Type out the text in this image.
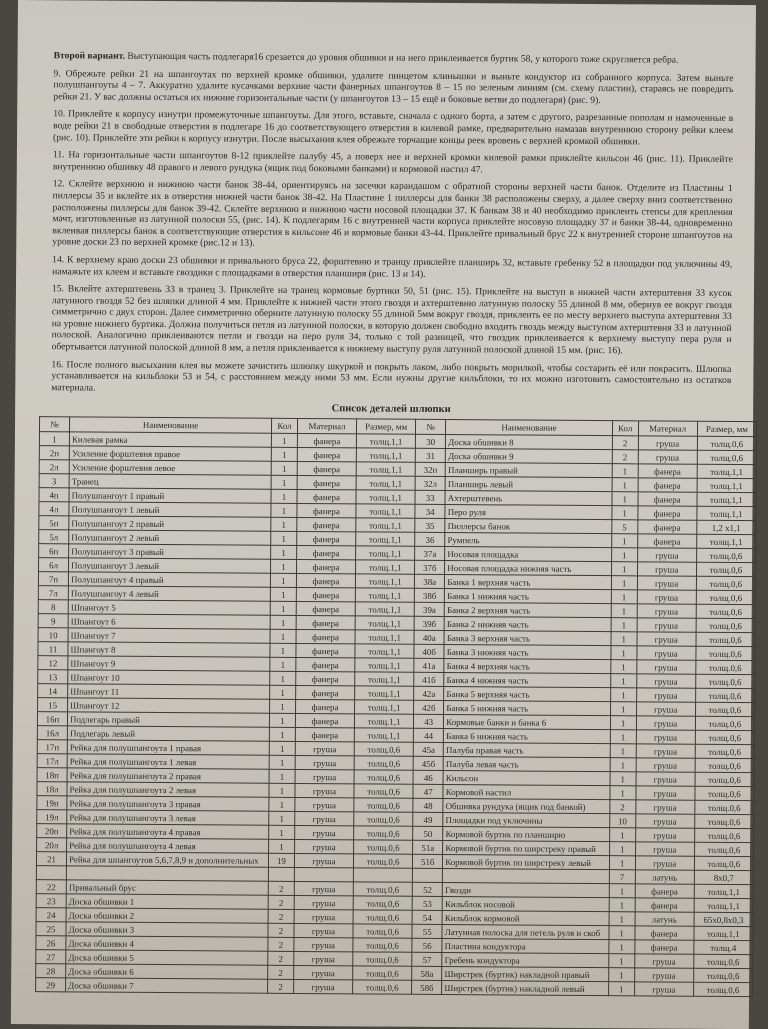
Второй вариант. Выступающая часть подлегаря16 срезается до уровня обшивки и на него приклеивается буртик 58, у которого тоже скругляется ребра.

9. Обрежьте рейки 21 на шпангоутах по верхней кромке обшивки, удалите пинцетом клинышки и выньте кондуктор из собранного корпуса. Затем выньте полушпангоуты 4 – 7. Аккуратно удалите кусачками верхние части фанерных шпангоутов 8 – 15 по зеленым линиям (см. схему пластин), стараясь не повредить рейки 21. У вас должны остаться их нижние горизонтальные части (у шпангоутов 13 – 15 ещё и боковые ветви до подлегаря) (рис. 9).

10. Приклейте к корпусу изнутри промежуточные шпангоуты. Для этого, вставьте, сначала с одного борта, а затем с другого, разрезанные пополам и намоченные в воде рейки 21 в свободные отверстия в подлегаре 16 до соответствующего отверстия в килевой рамке, предварительно намазав внутреннюю сторону рейки клеем (рис. 10). Приклейте эти рейки к корпусу изнутри. После высыхания клея обрежьте торчащие концы реек вровень с верхней кромкой обшивки.

11. На горизонтальные части шпангоутов 8-12 приклейте палубу 45, а поверх нее и верхней кромки килевой рамки приклейте кильсон 46 (рис. 11). Приклейте внутреннюю обшивку 48 правого и левого рундука (ящик под боковыми банками) и кормовой настил 47.

12. Склейте верхнюю и нижнюю части банок 38-44, ориентируясь на засечки карандашом с обратной стороны верхней части банок. Отделите из Пластины 1 пиллерсы 35 и вклейте их в отверстия нижней части банок 38-42. На Пластине 1 пиллерсы для банки 38 расположены сверху, а далее сверху вниз соответственно расположены пиллерсы для банок 39-42. Склейте верхнюю и нижнюю части носовой площадки 37. К банкам 38 и 40 необходимо приклеить степсы для крепления мачт, изготовленные из латунной полоски 55, (рис. 14). К подлегарям 16 с внутренней части корпуса приклейте носовую площадку 37 и банки 38-44, одновременно вклеивая пиллерсы банок в соответствующие отверстия в кильсоне 46 и кормовые банки 43-44. Приклейте привальный брус 22 к внутренней стороне шпангоутов на уровне доски 23 по верхней кромке (рис.12 и 13).

14. К верхнему краю доски 23 обшивки и привального бруса 22, форштевню и транцу приклейте планширь 32, вставьте гребенку 52 в площадки под уключины 49, намажьте их клеем и вставьте гвоздики с площадками в отверстия планширя (рис. 13 и 14).

15. Вклейте ахтерштевень 33 в транец 3. Приклейте на транец кормовые буртики 50, 51 (рис. 15). Приклейте на выступ в нижней части ахтерштевня 33 кусок латунного гвоздя 52 без шляпки длиной 4 мм. Приклейте к нижней части этого гвоздя и ахтерштевню латунную полоску 55 длиной 8 мм, обернув ее вокруг гвоздя симметрично с двух сторон. Далее симметрично оберните латунную полоску 55 длиной 5мм вокруг гвоздя, приклеить ее по месту верхнего выступа ахтерштевня 33 на уровне нижнего буртика. Должна получиться петля из латунной полоски, в которую должен свободно входить гвоздь между выступом ахтерштевня 33 и латунной полоской. Аналогично приклеиваются петли и гвозди на перо руля 34, только с той разницей, что гвоздик приклеивается к верхнему выступу пера руля и обертывается латунной полоской длиной 8 мм, а петля приклеивается к нижнему выступу руля латунной полоской длиной 15 мм. (рис. 16).

16. После полного высыхания клея вы можете зачистить шлюпку шкуркой и покрыть лаком, либо покрыть морилкой, чтобы состарить её или покрасить. Шлюпка устанавливается на кильблоки 53 и 54, с расстоянием между ними 53 мм. Если нужны другие кильблоки, то их можно изготовить самостоятельно из остатков материала.

Список деталей шлюпки
№	Наименование	Кол	Материал	Размер, мм	№	Наименование	Кол	Материал	Размер, мм
1	Килевая рамка	1	фанера	толщ.1,1	30	Доска обшивки 8	2	груша	толщ.0,6
2п	Усиление форштевня правое	1	фанера	толщ.1,1	31	Доска обшивки 9	2	груша	толщ.0,6
2л	Усиление форштевня левое	1	фанера	толщ.1,1	32п	Планширь правый	1	фанера	толщ.1,1
3	Транец	1	фанера	толщ.1,1	32л	Планширь левый	1	фанера	толщ.1,1
4п	Полушпангоут 1 правый	1	фанера	толщ.1,1	33	Ахтерштевень	1	фанера	толщ.1,1
4л	Полушпангоут 1 левый	1	фанера	толщ.1,1	34	Перо руля	1	фанера	толщ.1,1
5п	Полушпангоут 2 правый	1	фанера	толщ.1,1	35	Пиллерсы банок	5	фанера	1,2 x1,1
5л	Полушпангоут 2 левый	1	фанера	толщ.1,1	36	Румпель	1	фанера	толщ.1,1
6п	Полушпангоут 3 правый	1	фанера	толщ.1,1	37а	Носовая площадка	1	груша	толщ.0,6
6л	Полушпангоут 3 левый	1	фанера	толщ.1,1	37б	Носовая площадка нижняя часть	1	груша	толщ.0,6
7п	Полушпангоут 4 правый	1	фанера	толщ.1,1	38а	Банка 1 верхняя часть	1	груша	толщ.0,6
7л	Полушпангоут 4 левый	1	фанера	толщ.1,1	38б	Банка 1 нижняя часть	1	груша	толщ.0,6
8	Шпангоут 5	1	фанера	толщ.1,1	39а	Банка 2 верхняя часть	1	груша	толщ.0,6
9	Шпангоут 6	1	фанера	толщ.1,1	39б	Банка 2 нижняя часть	1	груша	толщ.0,6
10	Шпангоут 7	1	фанера	толщ.1,1	40а	Банка 3 верхняя часть	1	груша	толщ.0,6
11	Шпангоут 8	1	фанера	толщ.1,1	40б	Банка 3 нижняя часть	1	груша	толщ.0,6
12	Шпангоут 9	1	фанера	толщ.1,1	41а	Банка 4 верхняя часть	1	груша	толщ.0,6
13	Шпангоут 10	1	фанера	толщ.1,1	41б	Банка 4 нижняя часть	1	груша	толщ.0,6
14	Шпангоут 11	1	фанера	толщ.1,1	42а	Банка 5 верхняя часть	1	груша	толщ.0,6
15	Шпангоут 12	1	фанера	толщ.1,1	42б	Банка 5 нижняя часть	1	груша	толщ.0,6
16п	Подлегарь правый	1	фанера	толщ.1,1	43	Кормовые банки и банка 6	1	груша	толщ.0,6
16л	Подлегарь левый	1	фанера	толщ.1,1	44	Банка 6 нижняя часть	1	груша	толщ.0,6
17п	Рейка для полушпангоута 1 правая	1	груша	толщ.0,6	45а	Палуба правая часть	1	груша	толщ.0,6
17л	Рейка для полушпангоута 1 левая	1	груша	толщ.0,6	45б	Палуба левая часть	1	груша	толщ.0,6
18п	Рейка для полушпангоута 2 правая	1	груша	толщ.0,6	46	Кильсон	1	груша	толщ.0,6
18л	Рейка для полушпангоута 2 левая	1	груша	толщ.0,6	47	Кормовой настил	1	груша	толщ.0,6
19п	Рейка для полушпангоута 3 правая	1	груша	толщ.0,6	48	Обшивка рундука (ящик под банкой)	2	груша	толщ.0,6
19л	Рейка для полушпангоута 3 левая	1	груша	толщ.0,6	49	Площадки под уключины	10	груша	толщ.0,6
20п	Рейка для полушпангоута 4 правая	1	груша	толщ.0,6	50	Кормовой буртик по планширю	1	груша	толщ.0,6
20л	Рейка для полушпангоута 4 левая	1	груша	толщ.0,6	51а	Кормовой буртик по ширстреку правый	1	груша	толщ.0,6
21	Рейка для шпангоутов 5,6,7,8,9 и дополнительных	19	груша	толщ.0,6	51б	Кормовой буртик по ширстреку левый	1	груша	толщ.0,6
							7	латунь	8x0,7
22	Привальный брус	2	груша	толщ.0,6	52	Гвозди	1	фанера	толщ.1,1
23	Доска обшивки 1	2	груша	толщ.0,6	53	Кильблок носовой	1	фанера	толщ.1,1
24	Доска обшивки 2	2	груша	толщ.0,6	54	Кильблок кормовой	1	латунь	65x0,8x0,3
25	Доска обшивки 3	2	груша	толщ.0,6	55	Латунная полоска для петель руля и скоб	1	фанера	толщ.1,1
26	Доска обшивки 4	2	груша	толщ.0,6	56	Пластина кондуктора	1	фанера	толщ.4
27	Доска обшивки 5	2	груша	толщ.0,6	57	Гребень кондуктора	1	груша	толщ.0,6
28	Доска обшивки 6	2	груша	толщ.0,6	58а	Ширстрек (буртик) накладной правый	1	груша	толщ.0,6
29	Доска обшивки 7	2	груша	толщ.0,6	58б	Ширстрек (буртик) накладной левый	1	груша	толщ.0,6
